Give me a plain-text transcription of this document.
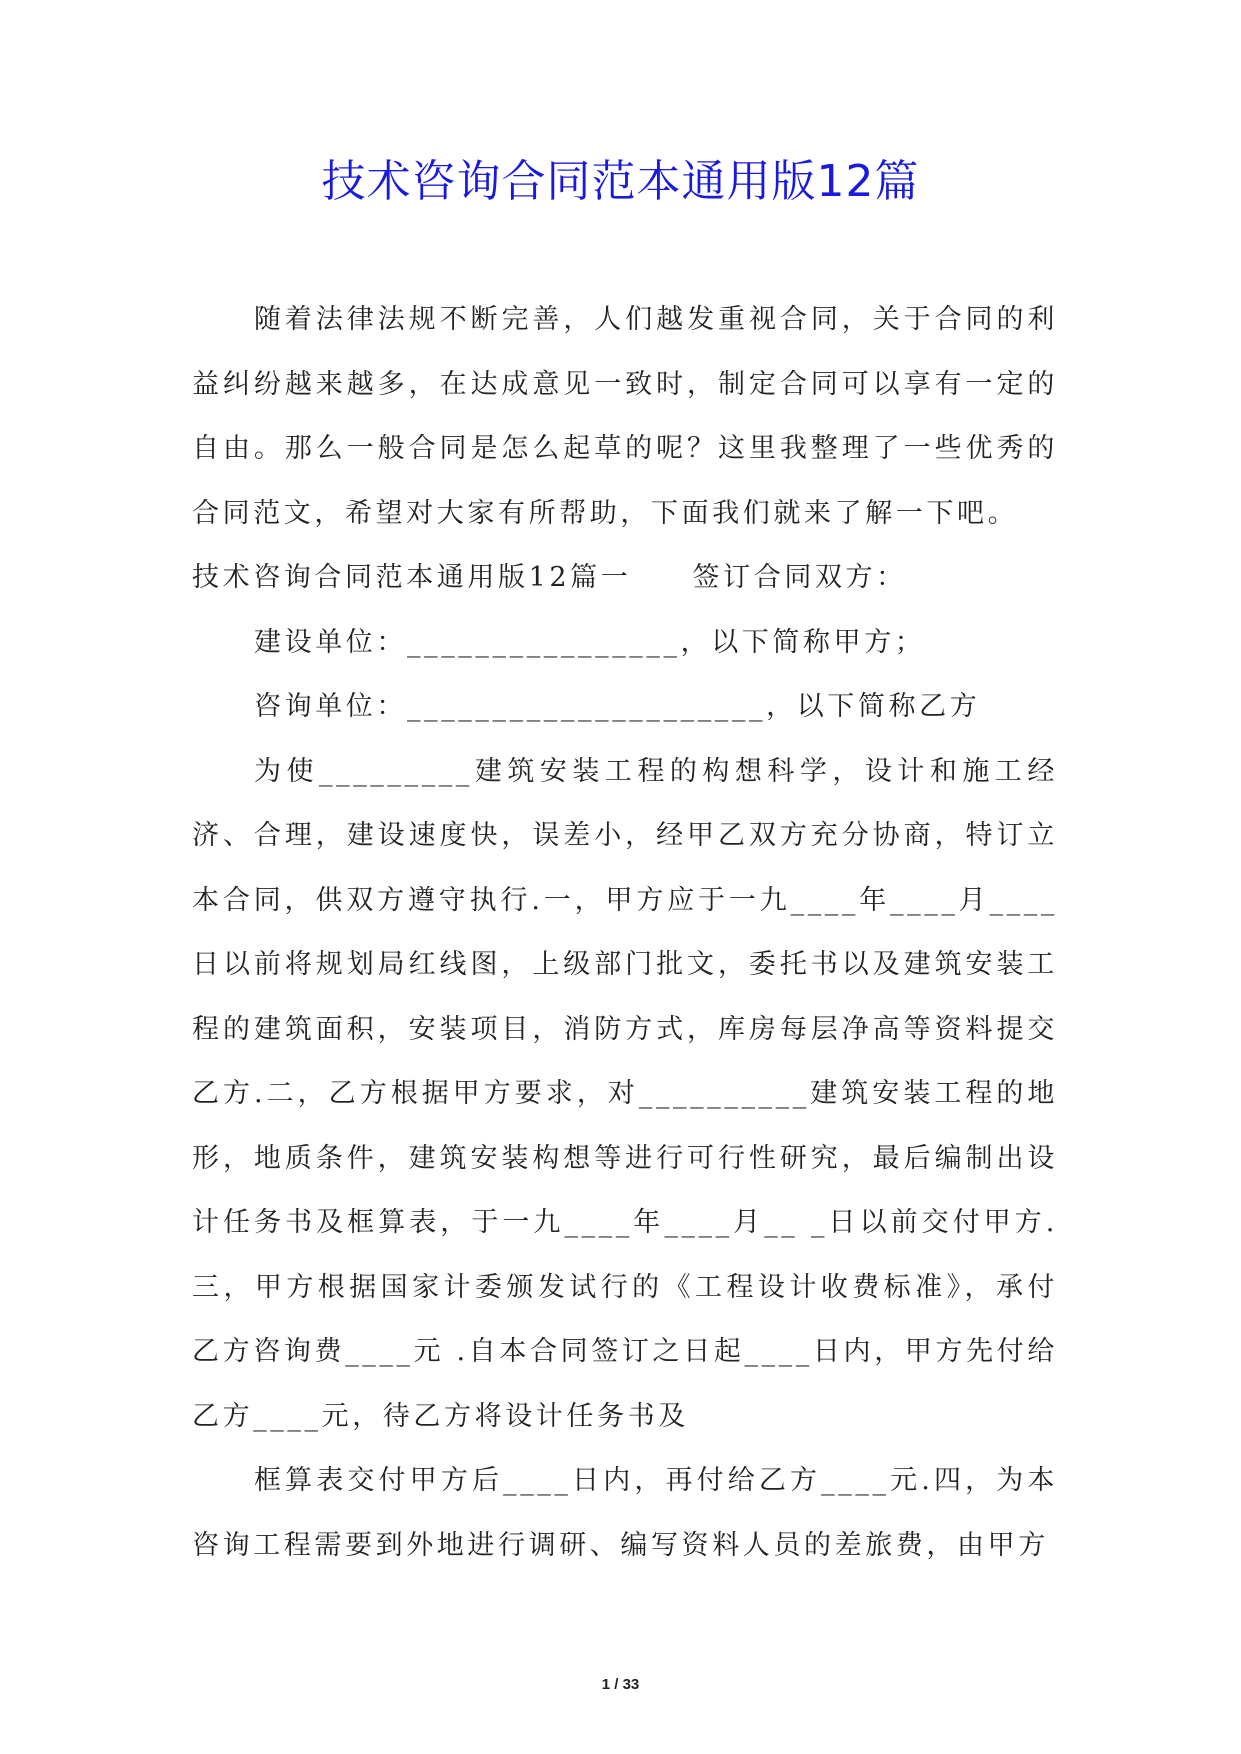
技术咨询合同范本通用版12篇

随着法律法规不断完善，人们越发重视合同，关于合同的利益纠纷越来越多，在达成意见一致时，制定合同可以享有一定的自由。那么一般合同是怎么起草的呢？这里我整理了一些优秀的合同范文，希望对大家有所帮助，下面我们就来了解一下吧。

技术咨询合同范本通用版12篇一　　签订合同双方：

建设单位：________________，以下简称甲方；

咨询单位：_____________________，以下简称乙方

为使_________建筑安装工程的构想科学，设计和施工经济、合理，建设速度快，误差小，经甲乙双方充分协商，特订立本合同，供双方遵守执行.一，甲方应于一九____年____月____日以前将规划局红线图，上级部门批文，委托书以及建筑安装工程的建筑面积，安装项目，消防方式，库房每层净高等资料提交 乙方.二，乙方根据甲方要求，对__________建筑安装工程的地形，地质条件，建筑安装构想等进行可行性研究，最后编制出设计任务书及框算表，于一九____年____月__ _日以前交付甲方.三，甲方根据国家计委颁发试行的《工程设计收费标准》，承付乙方咨询费____元 .自本合同签订之日起____日内，甲方先付给乙方____元，待乙方将设计任务书及

框算表交付甲方后____日内，再付给乙方____元.四，为本咨询工程需要到外地进行调研、编写资料人员的差旅费，由甲方

1 / 33
